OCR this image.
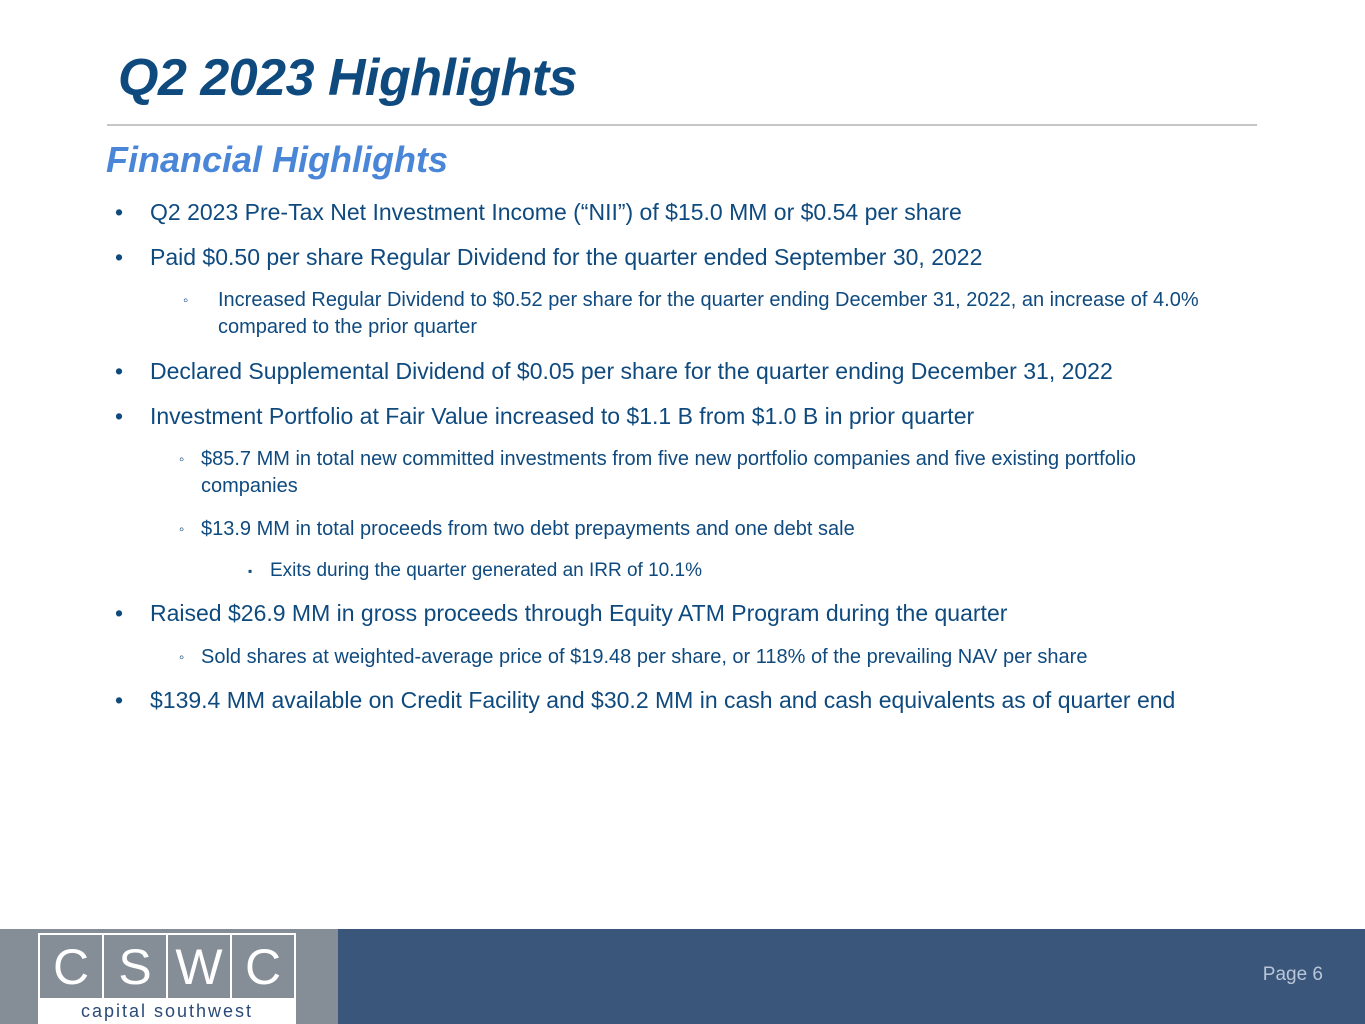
Q2 2023 Highlights
Financial Highlights
• Q2 2023 Pre-Tax Net Investment Income (“NII”) of $15.0 MM or $0.54 per share
• Paid $0.50 per share Regular Dividend for the quarter ended September 30, 2022
◦ Increased Regular Dividend to $0.52 per share for the quarter ending December 31, 2022, an increase of 4.0% compared to the prior quarter
• Declared Supplemental Dividend of $0.05 per share for the quarter ending December 31, 2022
• Investment Portfolio at Fair Value increased to $1.1 B from $1.0 B in prior quarter
◦ $85.7 MM in total new committed investments from five new portfolio companies and five existing portfolio companies
◦ $13.9 MM in total proceeds from two debt prepayments and one debt sale
▪ Exits during the quarter generated an IRR of 10.1%
• Raised $26.9 MM in gross proceeds through Equity ATM Program during the quarter
◦ Sold shares at weighted-average price of $19.48 per share, or 118% of the prevailing NAV per share
• $139.4 MM available on Credit Facility and $30.2 MM in cash and cash equivalents as of quarter end
C S W C
capital southwest
Page 6
